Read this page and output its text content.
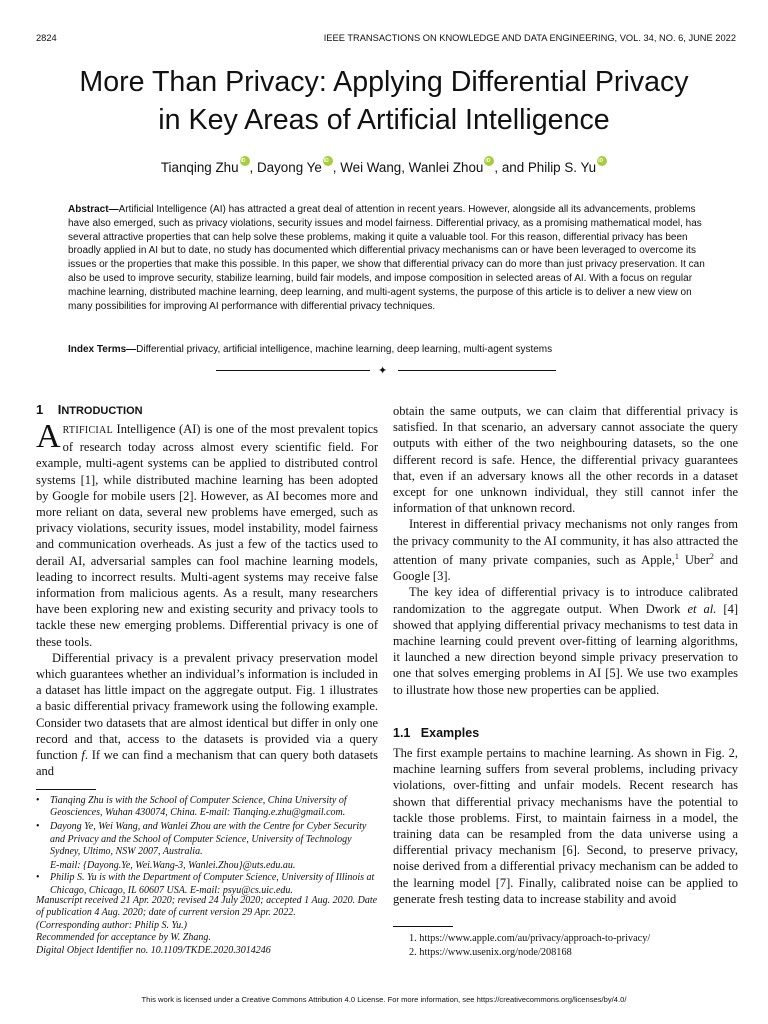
2824	IEEE TRANSACTIONS ON KNOWLEDGE AND DATA ENGINEERING, VOL. 34, NO. 6, JUNE 2022
More Than Privacy: Applying Differential Privacy
in Key Areas of Artificial Intelligence
Tianqing Zhu iD , Dayong Ye iD , Wei Wang, Wanlei Zhou iD , and Philip S. YuiD
Abstract—Artificial Intelligence (AI) has attracted a great deal of attention in recent years. However, alongside all its advancements, problems have also emerged, such as privacy violations, security issues and model fairness. Differential privacy, as a promising mathematical model, has several attractive properties that can help solve these problems, making it quite a valuable tool. For this reason, differential privacy has been broadly applied in AI but to date, no study has documented which differential privacy mechanisms can or have been leveraged to overcome its issues or the properties that make this possible. In this paper, we show that differential privacy can do more than just privacy preservation. It can also be used to improve security, stabilize learning, build fair models, and impose composition in selected areas of AI. With a focus on regular machine learning, distributed machine learning, deep learning, and multi-agent systems, the purpose of this article is to deliver a new view on many possibilities for improving AI performance with differential privacy techniques.
Index Terms—Differential privacy, artificial intelligence, machine learning, deep learning, multi-agent systems
✦
1 INTRODUCTION

ARTIFICIAL Intelligence (AI) is one of the most prevalent topics of research today across almost every scientific field. For example, multi-agent systems can be applied to distributed control systems [1], while distributed machine learning has been adopted by Google for mobile users [2]. However, as AI becomes more and more reliant on data, several new problems have emerged, such as privacy violations, security issues, model instability, model fairness and communication overheads. As just a few of the tactics used to derail AI, adversarial samples can fool machine learning models, leading to incorrect results. Multi-agent systems may receive false information from malicious agents. As a result, many researchers have been exploring new and existing security and privacy tools to tackle these new emerging problems. Differential privacy is one of these tools.

Differential privacy is a prevalent privacy preservation model which guarantees whether an individual’s information is included in a dataset has little impact on the aggregate output. Fig. 1 illustrates a basic differential privacy framework using the following example. Consider two datasets that are almost identical but differ in only one record and that, access to the datasets is provided via a query function f. If we can find a mechanism that can query both datasets and

• Tianqing Zhu is with the School of Computer Science, China University of Geosciences, Wuhan 430074, China. E-mail: Tianqing.e.zhu@gmail.com.

• Dayong Ye, Wei Wang, and Wanlei Zhou are with the Centre for Cyber Security and Privacy and the School of Computer Science, University of Technology Sydney, Ultimo, NSW 2007, Australia.

E-mail: {Dayong.Ye, Wei.Wang-3, Wanlei.Zhou}@uts.edu.au.

• Philip S. Yu is with the Department of Computer Science, University of Illinois at Chicago, Chicago, IL 60607 USA. E-mail: psyu@cs.uic.edu.

Manuscript received 21 Apr. 2020; revised 24 July 2020; accepted 1 Aug. 2020. Date of publication 4 Aug. 2020; date of current version 29 Apr. 2022.

(Corresponding author: Philip S. Yu.)

Recommended for acceptance by W. Zhang.

Digital Object Identifier no. 10.1109/TKDE.2020.3014246

obtain the same outputs, we can claim that differential privacy is satisfied. In that scenario, an adversary cannot associate the query outputs with either of the two neighbouring datasets, so the one different record is safe. Hence, the differential privacy guarantees that, even if an adversary knows all the other records in a dataset except for one unknown individual, they still cannot infer the information of that unknown record.

Interest in differential privacy mechanisms not only ranges from the privacy community to the AI community, it has also attracted the attention of many private companies, such as Apple,$^1$ Uber$^2$ and Google [3].

The key idea of differential privacy is to introduce calibrated randomization to the aggregate output. When Dwork et al. [4] showed that applying differential privacy mechanisms to test data in machine learning could prevent over-fitting of learning algorithms, it launched a new direction beyond simple privacy preservation to one that solves emerging problems in AI [5]. We use two examples to illustrate how those new properties can be applied.

1.1   Examples

The first example pertains to machine learning. As shown in Fig. 2, machine learning suffers from several problems, including privacy violations, over-fitting and unfair models. Recent research has shown that differential privacy mechanisms have the potential to tackle those problems. First, to maintain fairness in a model, the training data can be resampled from the data universe using a differential privacy mechanism [6]. Second, to preserve privacy, noise derived from a differential privacy mechanism can be added to the learning model [7]. Finally, calibrated noise can be applied to generate fresh testing data to increase stability and avoid

1. https://www.apple.com/au/privacy/approach-to-privacy/

2. https://www.usenix.org/node/208168

This work is licensed under a Creative Commons Attribution 4.0 License. For more information, see https://creativecommons.org/licenses/by/4.0/
